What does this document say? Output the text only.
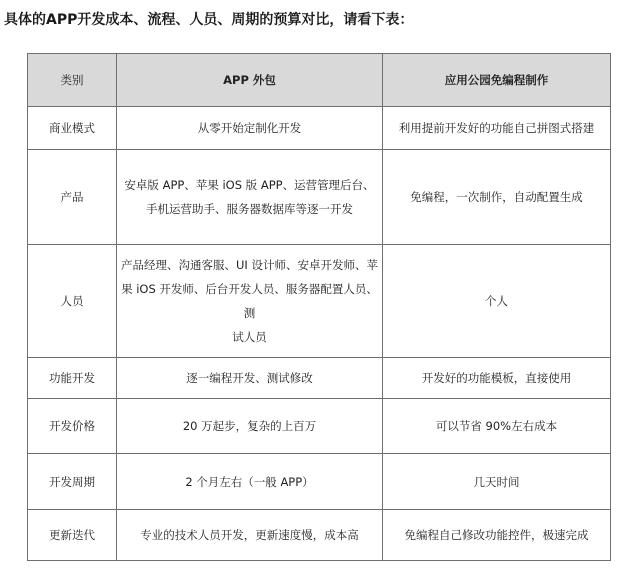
具体的APP开发成本、流程、人员、周期的预算对比，请看下表：
类别	APP 外包	应用公园免编程制作
商业模式	从零开始定制化开发	利用提前开发好的功能自己拼图式搭建

产品	安卓版 APP、苹果 iOS 版 APP、运营管理后台、
手机运营助手、服务器数据库等逐一开发	免编程，一次制作，自动配置生成

人员	产品经理、沟通客服、UI 设计师、安卓开发师、苹
果 iOS 开发师、后台开发人员、服务器配置人员、测
试人员	个人

功能开发	逐一编程开发、测试修改	开发好的功能模板，直接使用

开发价格	20 万起步，复杂的上百万	可以节省 90%左右成本

开发周期	2 个月左右（一般 APP）	几天时间

更新迭代	专业的技术人员开发，更新速度慢，成本高	免编程自己修改功能控件，极速完成
